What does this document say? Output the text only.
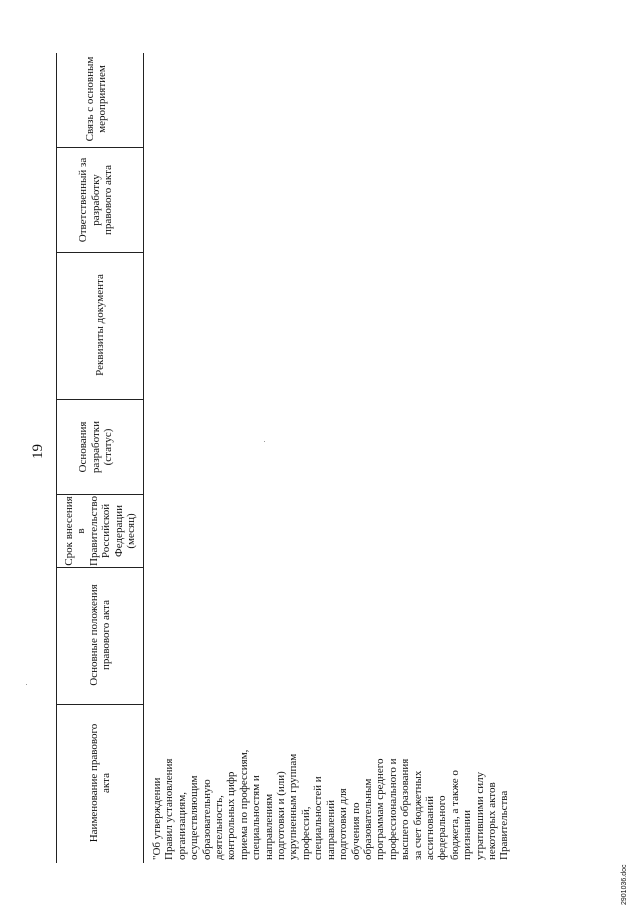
Наименование правового акта
Основные положения правового акта
Срок внесения в Правительство Российской Федерации (месяц)
Основания разработки (статус)
Реквизиты документа
Ответственный за разработку правового акта
Связь с основным мероприятием
19
"Об утверждении
Правил установления
организациям,
осуществляющим
образовательную
деятельность,
контрольных цифр
приема по профессиям,
специальностям и
направлениям
подготовки и (или)
укрупненным группам
профессий,
специальностей и
направлений
подготовки для
обучения по
образовательным
программам среднего
профессионального и
высшего образования
за счет бюджетных
ассигнований
федерального
бюджета, а также о
признании
утратившими силу
некоторых актов
Правительства
2901036.doc
